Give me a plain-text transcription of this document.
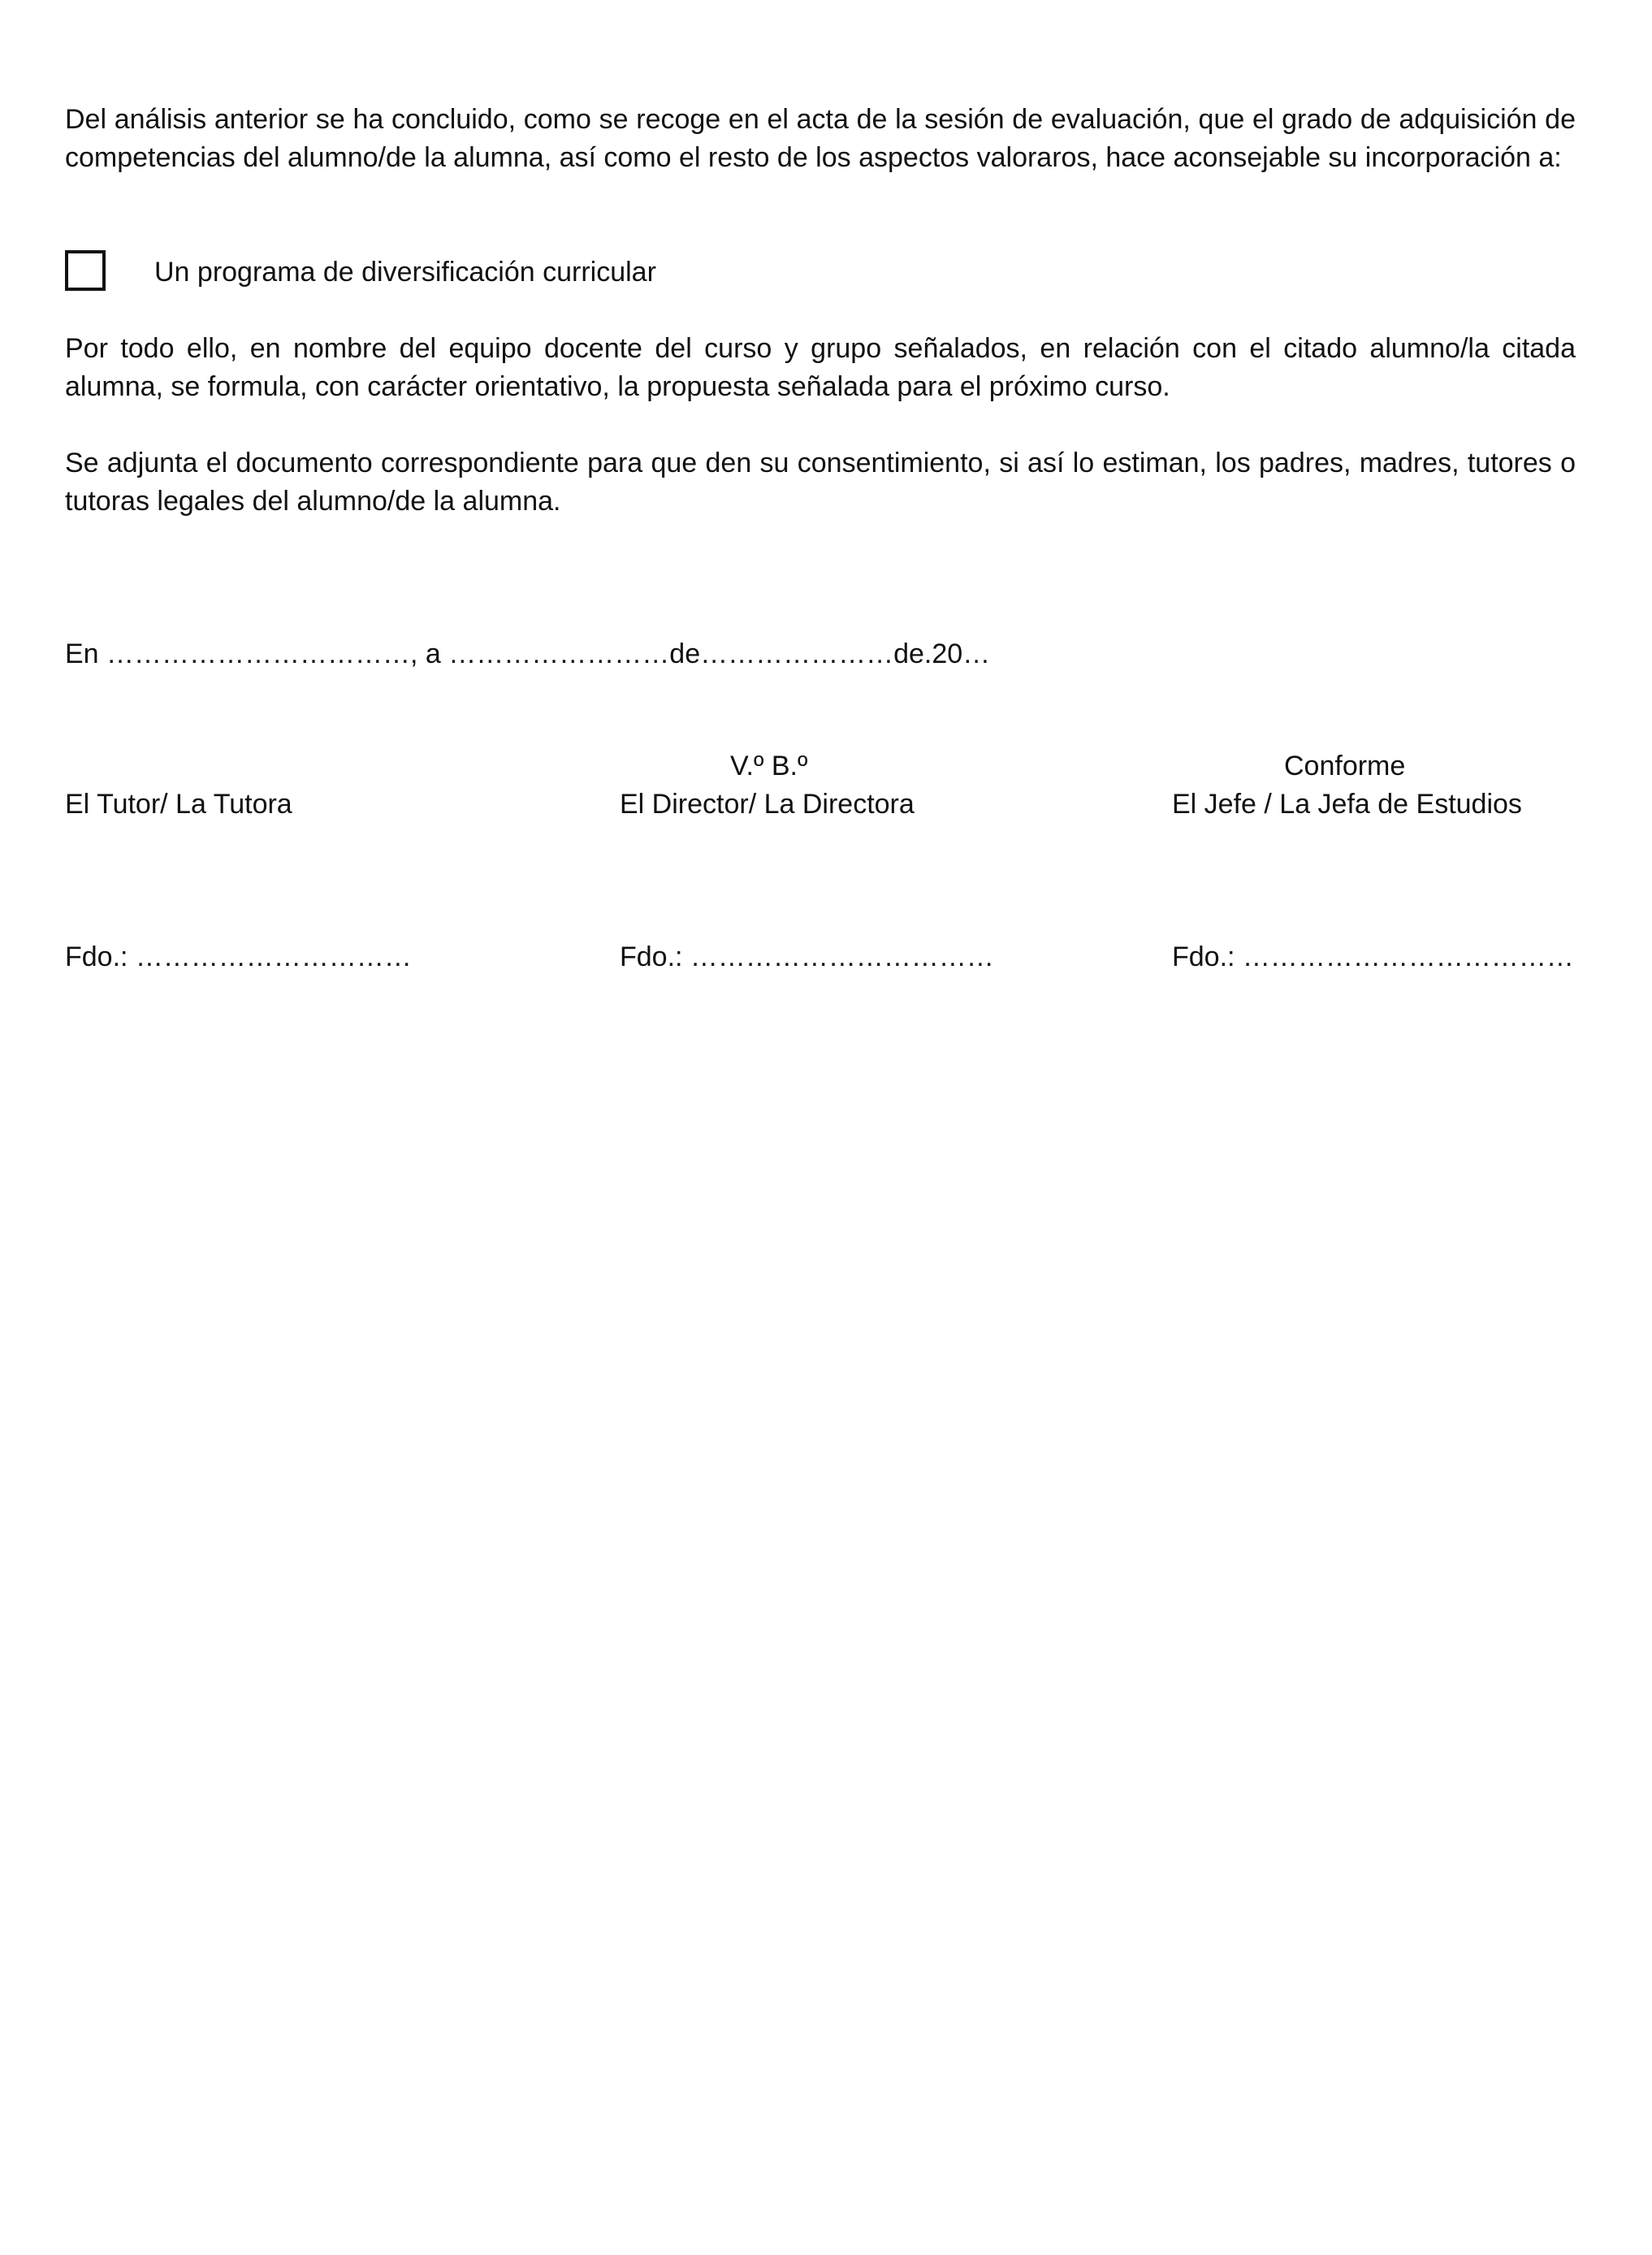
Del análisis anterior se ha concluido, como se recoge en el acta de la sesión de evaluación, que el grado de adquisición de competencias del alumno/de la alumna, así como el resto de los aspectos valoraros, hace aconsejable su incorporación a:

Un programa de diversificación curricular

Por todo ello, en nombre del equipo docente del curso y grupo señalados, en relación con el citado alumno/la citada alumna, se formula, con carácter orientativo, la propuesta señalada para el próximo curso.

Se adjunta el documento correspondiente para que den su consentimiento, si así lo estiman, los padres, madres, tutores o tutoras legales del alumno/de la alumna.

En ……………………………, a ……………………de…………………de.20…
El Tutor/ La Tutora
Fdo.: …………………………
V.º B.º
El Director/ La Directora
Fdo.: ……………………………
Conforme
El Jefe / La Jefa de Estudios
Fdo.: ………………………………
